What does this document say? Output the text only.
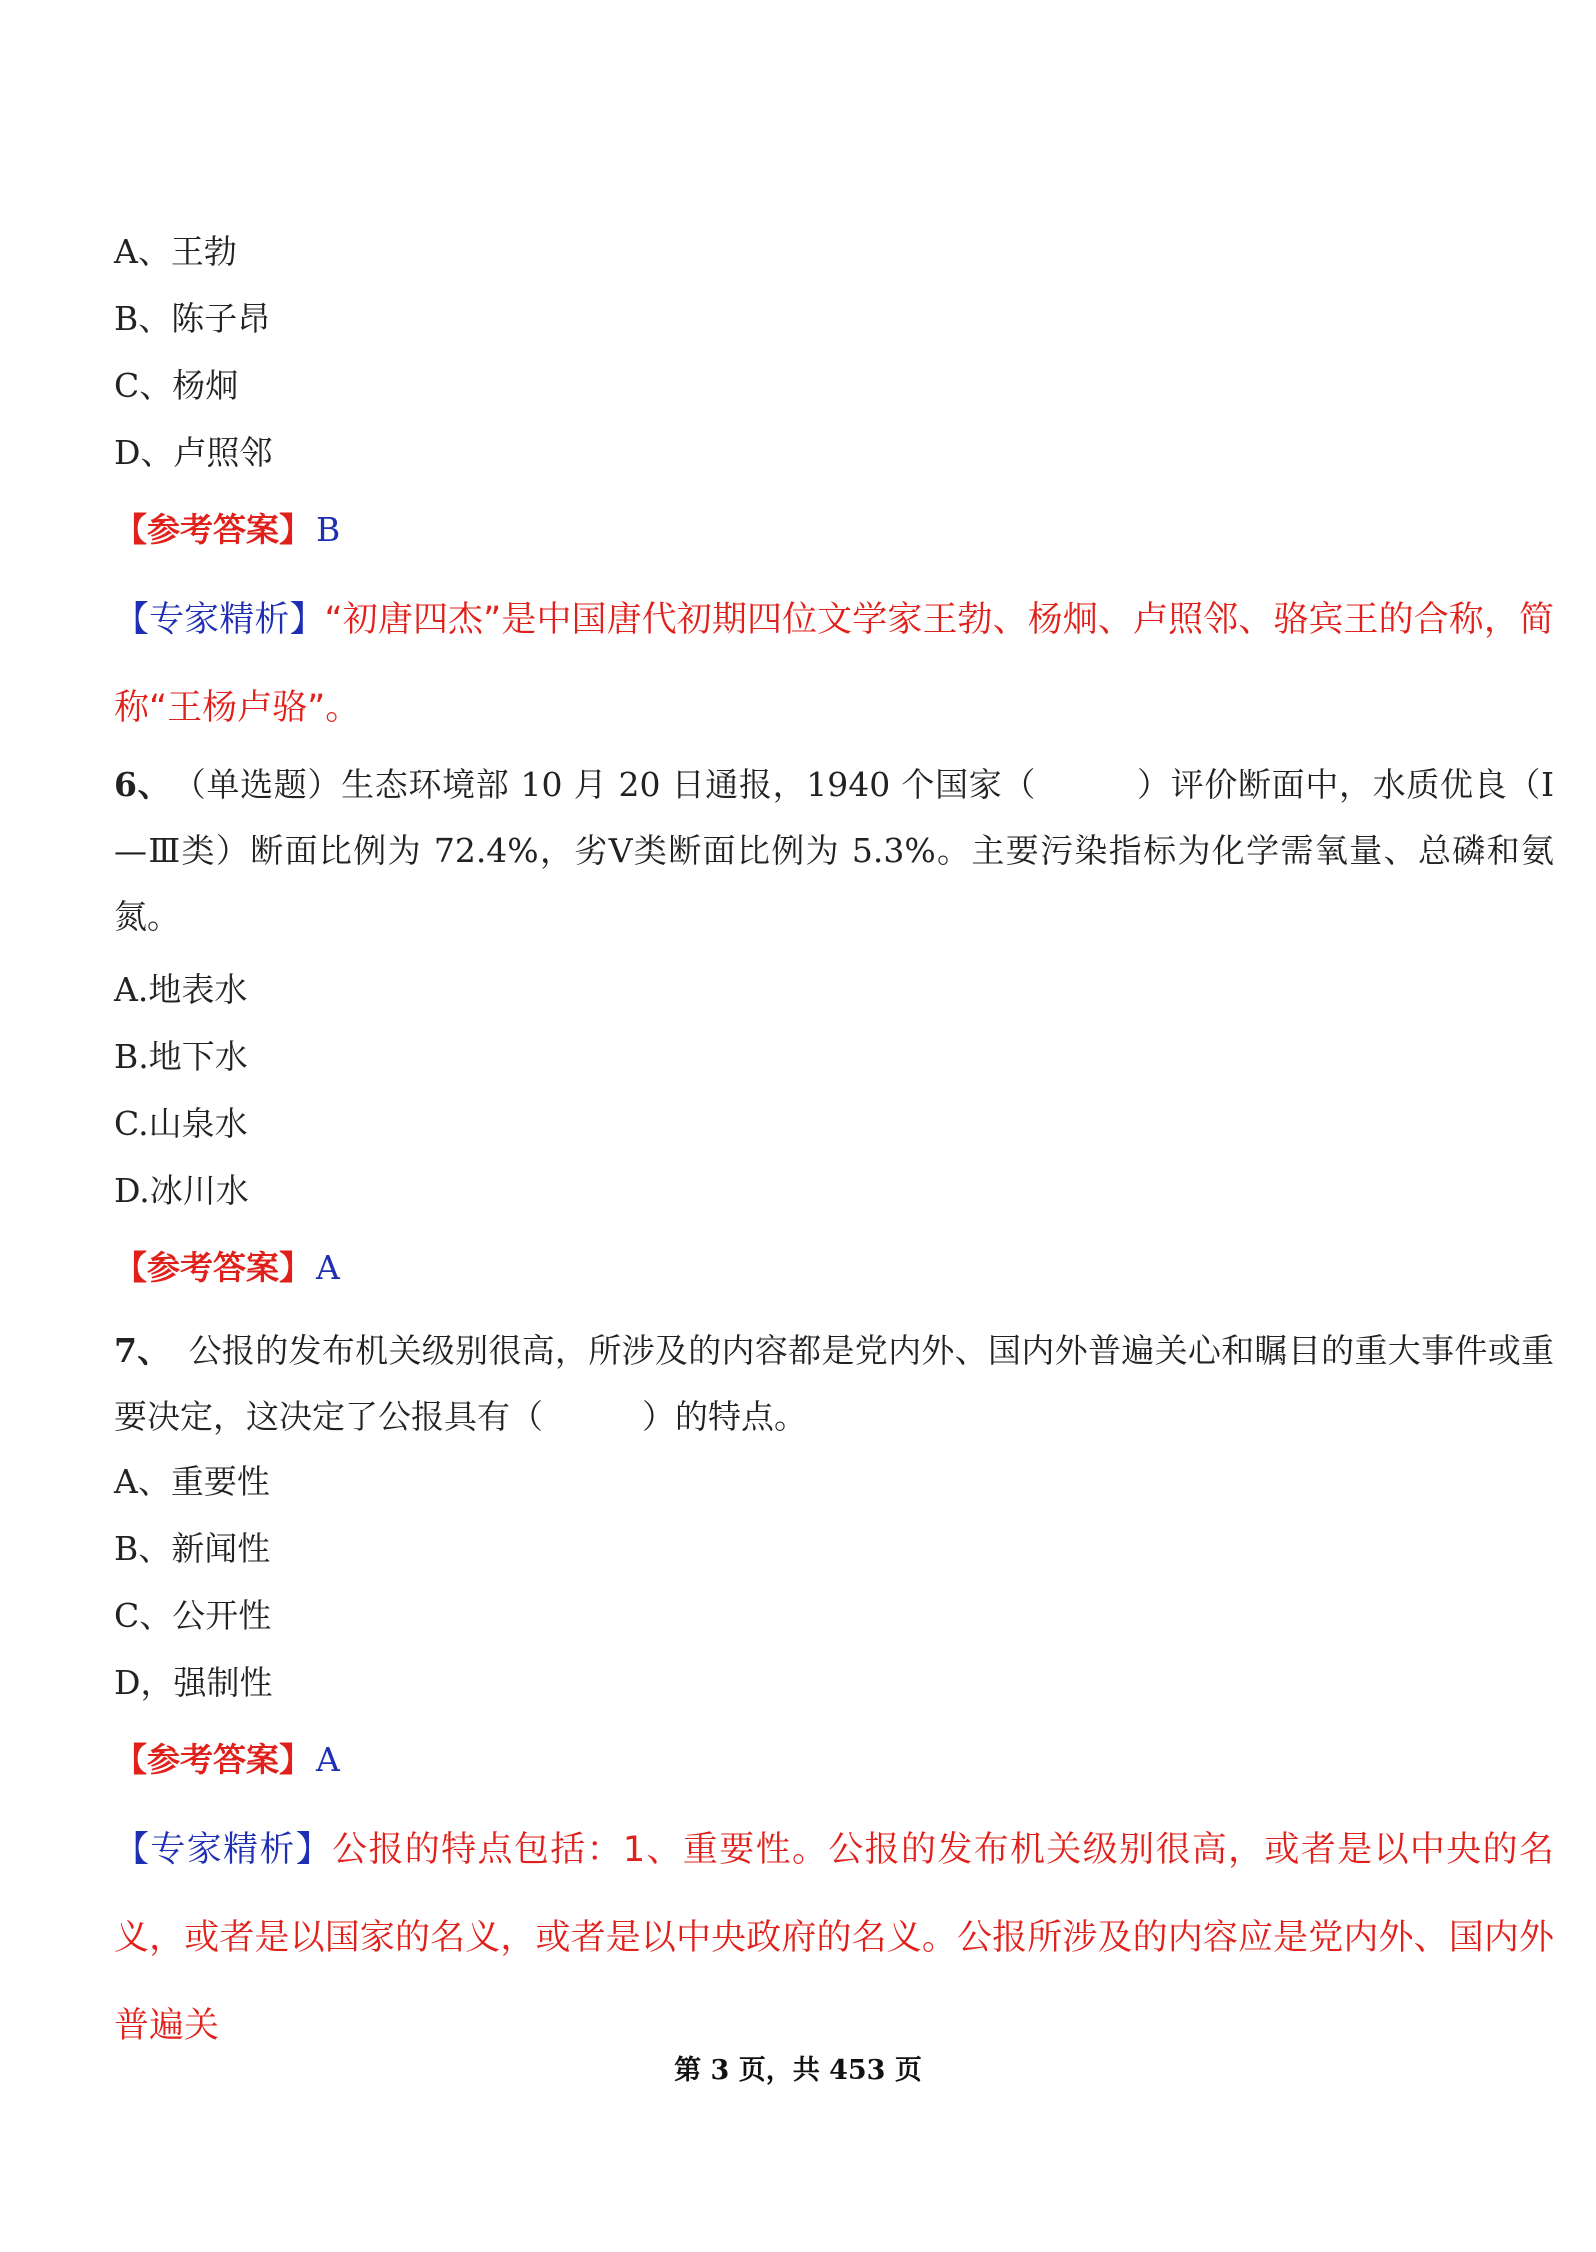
A、王勃
B、陈子昂
C、杨炯
D、卢照邻
【参考答案】 B
【专家精析】“初唐四杰”是中国唐代初期四位文学家王勃、杨炯、卢照邻、骆宾王的合称，简称“王杨卢骆”。
6、 （单选题）生态环境部 10 月 20 日通报，1940 个国家（　　　）评价断面中，水质优良（Ⅰ—Ⅲ类）断面比例为 72.4%，劣Ⅴ类断面比例为 5.3%。主要污染指标为化学需氧量、总磷和氨氮。
A.地表水
B.地下水
C.山泉水
D.冰川水
【参考答案】 A
7、 公报的发布机关级别很高，所涉及的内容都是党内外、国内外普遍关心和瞩目的重大事件或重要决定，这决定了公报具有（　　　）的特点。
A、重要性
B、新闻性
C、公开性
D，强制性
【参考答案】 A
【专家精析】公报的特点包括：1、重要性。公报的发布机关级别很高，或者是以中央的名义，或者是以国家的名义，或者是以中央政府的名义。公报所涉及的内容应是党内外、国内外普遍关
第 3 页，共 453 页
